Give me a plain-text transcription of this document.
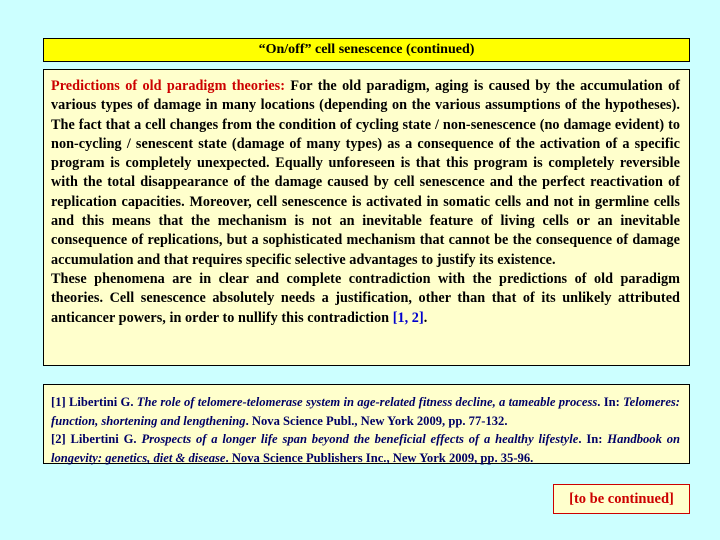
“On/off” cell senescence (continued)

Predictions of old paradigm theories: For the old paradigm, aging is caused by the accumulation of various types of damage in many locations (depending on the various assumptions of the hypotheses). The fact that a cell changes from the condition of cycling state / non-senescence (no damage evident) to non-cycling / senescent state (damage of many types) as a consequence of the activation of a specific program is completely unexpected. Equally unforeseen is that this program is completely reversible with the total disappearance of the damage caused by cell senescence and the perfect reactivation of replication capacities. Moreover, cell senescence is activated in somatic cells and not in germline cells and this means that the mechanism is not an inevitable feature of living cells or an inevitable consequence of replications, but a sophisticated mechanism that cannot be the consequence of damage accumulation and that requires specific selective advantages to justify its existence.
These phenomena are in clear and complete contradiction with the predictions of old paradigm theories. Cell senescence absolutely needs a justification, other than that of its unlikely attributed anticancer powers, in order to nullify this contradiction [1, 2].

[1] Libertini G. The role of telomere-telomerase system in age-related fitness decline, a tameable process. In: Telomeres: function, shortening and lengthening. Nova Science Publ., New York 2009, pp. 77-132.

[2] Libertini G. Prospects of a longer life span beyond the beneficial effects of a healthy lifestyle. In: Handbook on longevity: genetics, diet & disease. Nova Science Publishers Inc., New York 2009, pp. 35-96.

[to be continued]
